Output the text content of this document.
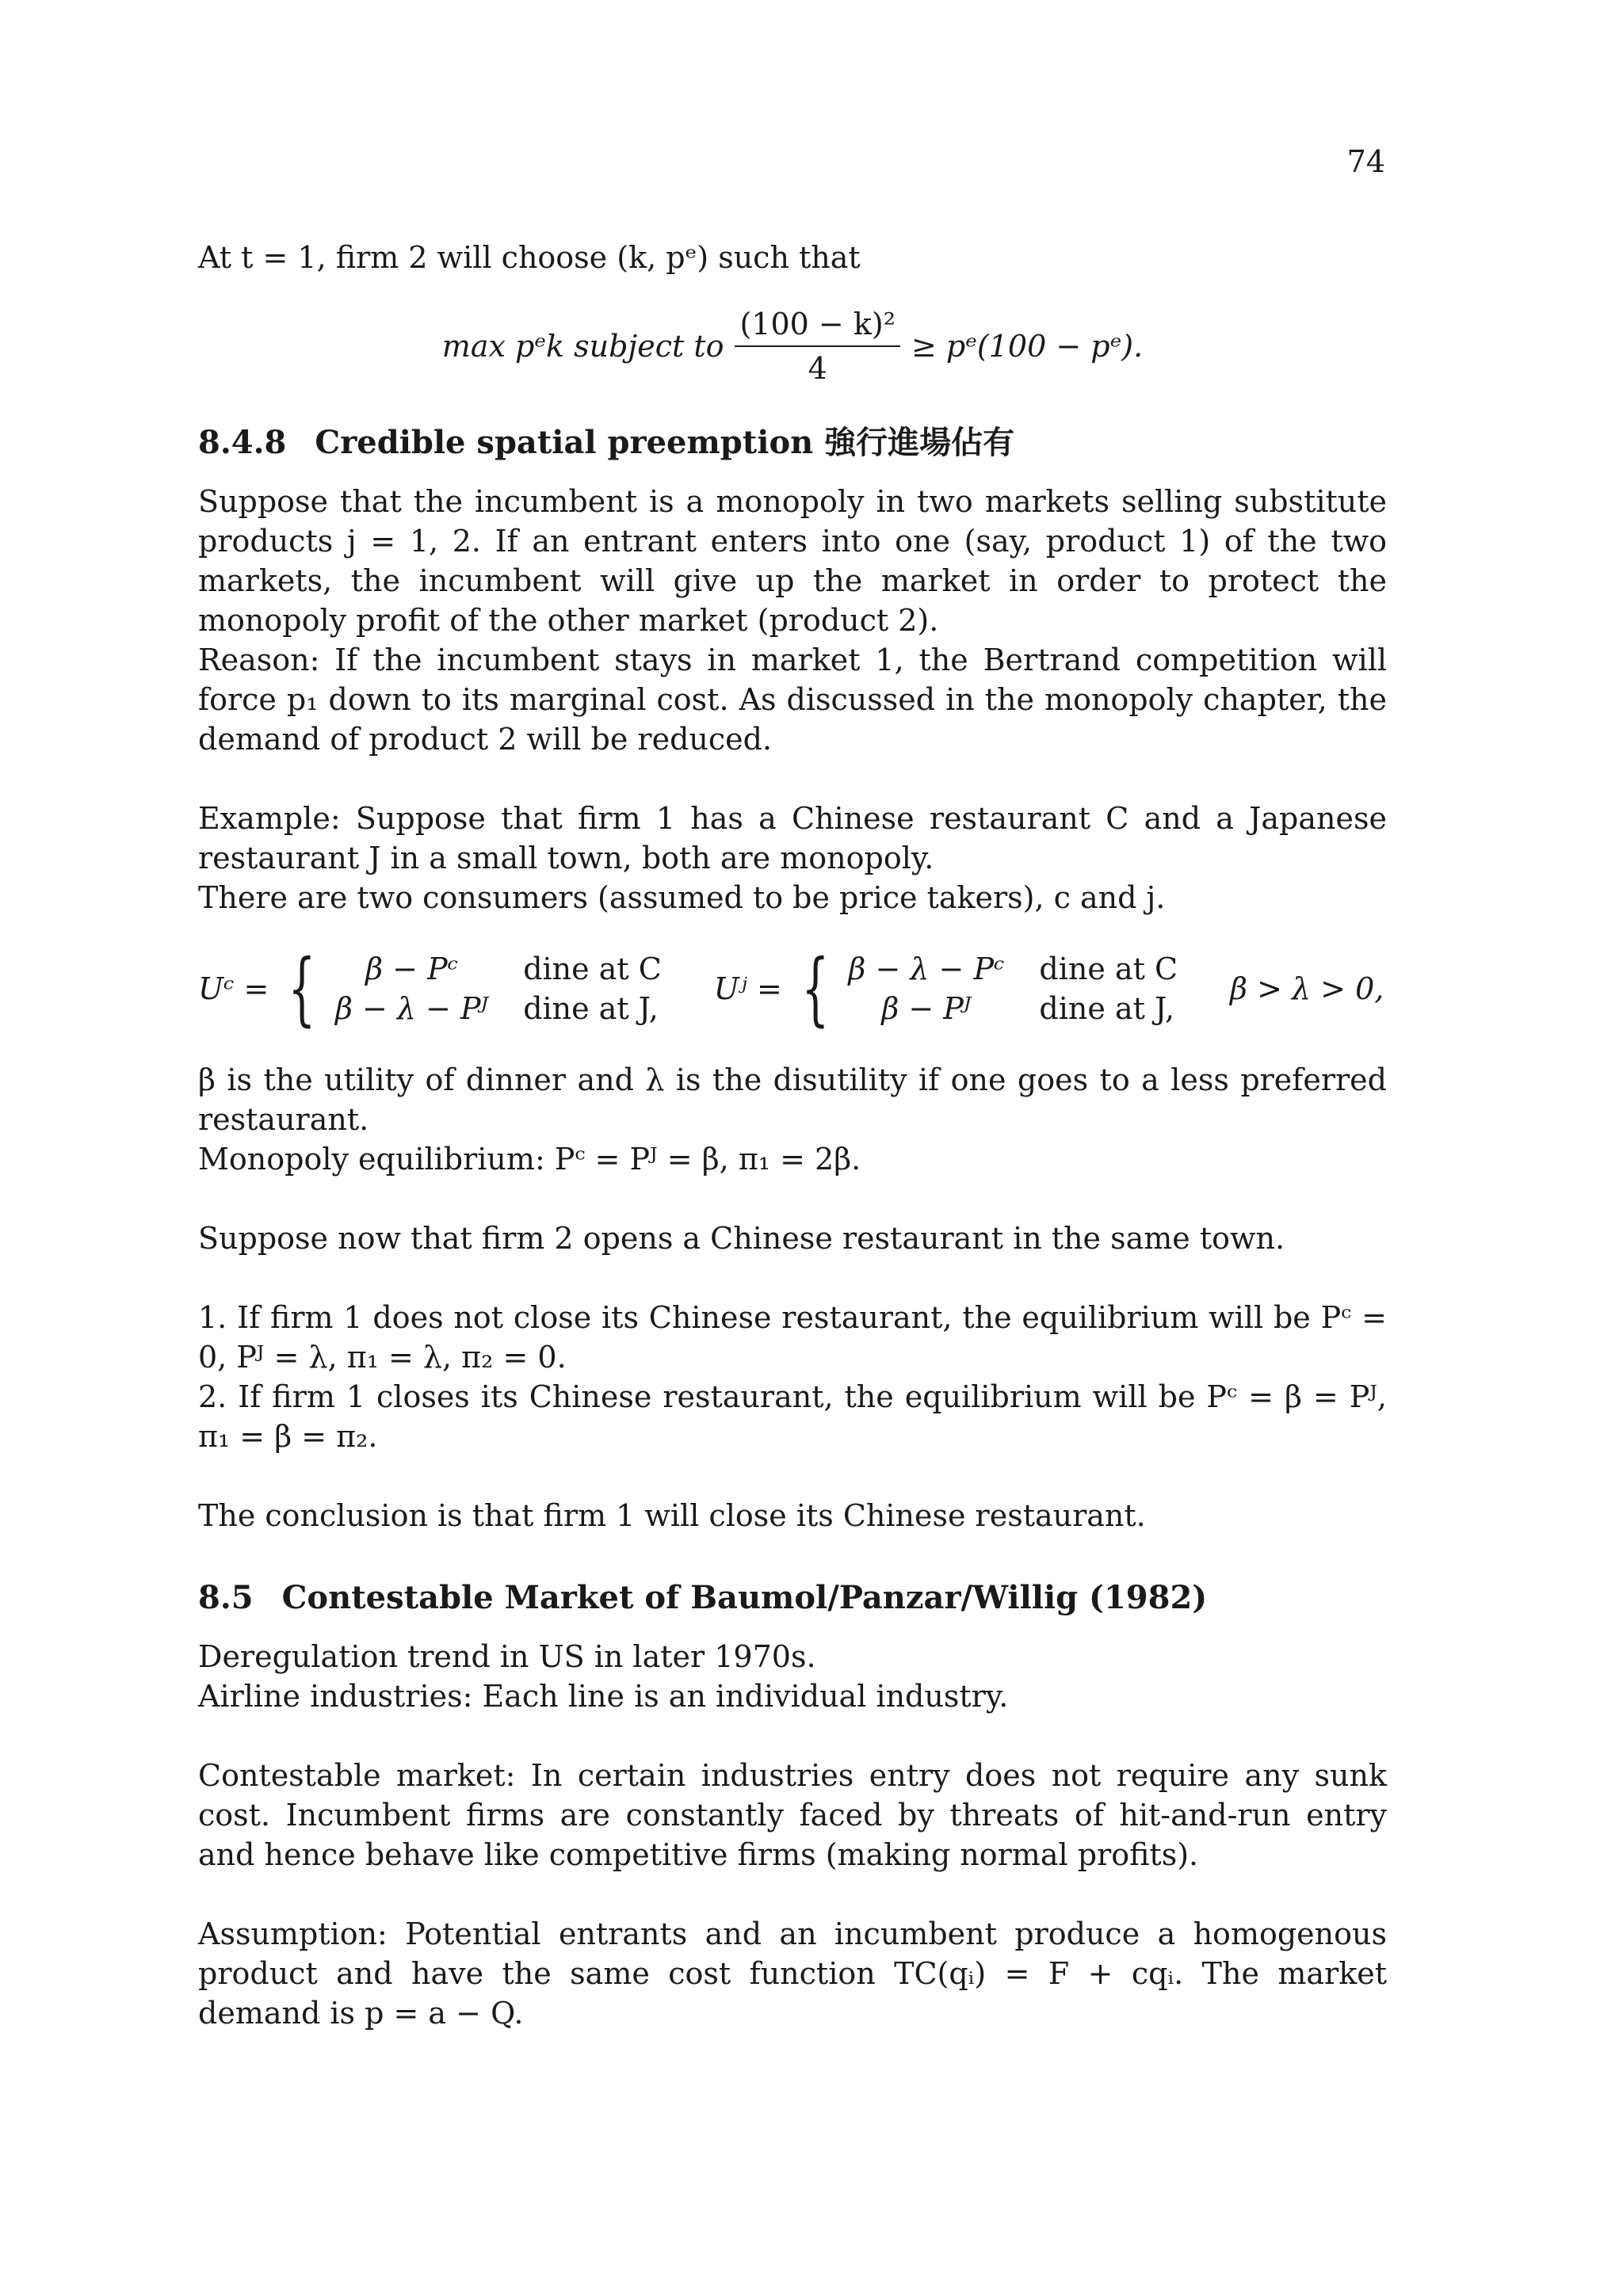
74

At t = 1, firm 2 will choose (k, pᵉ) such that

max pᵉk subject to $\frac{\text{(100 − k)²}}{4}$ ≥ pᵉ(100 − pᵉ).
8.4.8 Credible spatial preemption 強行進場佔有

Suppose that the incumbent is a monopoly in two markets selling substitute products j = 1, 2. If an entrant enters into one (say, product 1) of the two markets, the incumbent will give up the market in order to protect the monopoly profit of the other market (product 2).

Reason: If the incumbent stays in market 1, the Bertrand competition will force p₁ down to its marginal cost. As discussed in the monopoly chapter, the demand of product 2 will be reduced.

Example: Suppose that firm 1 has a Chinese restaurant C and a Japanese restaurant J in a small town, both are monopoly.

There are two consumers (assumed to be price takers), c and j.

Uᶜ = {	β − Pᶜ	dine at C
β − λ − Pᴶ dine at J,
Uʲ = { β − λ − Pᶜ dine at C
β − Pᴶ	dine at J,
β > λ > 0,

β is the utility of dinner and λ is the disutility if one goes to a less preferred restaurant.

Monopoly equilibrium: Pᶜ = Pᴶ = β, π₁ = 2β.

Suppose now that firm 2 opens a Chinese restaurant in the same town.

1. If firm 1 does not close its Chinese restaurant, the equilibrium will be Pᶜ = 0, Pᴶ = λ, π₁ = λ, π₂ = 0.

2. If firm 1 closes its Chinese restaurant, the equilibrium will be Pᶜ = β = Pᴶ, π₁ = β = π₂.

The conclusion is that firm 1 will close its Chinese restaurant.

8.5 Contestable Market of Baumol/Panzar/Willig (1982)

Deregulation trend in US in later 1970s.

Airline industries: Each line is an individual industry.

Contestable market: In certain industries entry does not require any sunk cost. Incumbent firms are constantly faced by threats of hit-and-run entry and hence behave like competitive firms (making normal profits).

Assumption: Potential entrants and an incumbent produce a homogenous product and have the same cost function TC(qᵢ) = F + cqᵢ. The market demand is p = a − Q.
